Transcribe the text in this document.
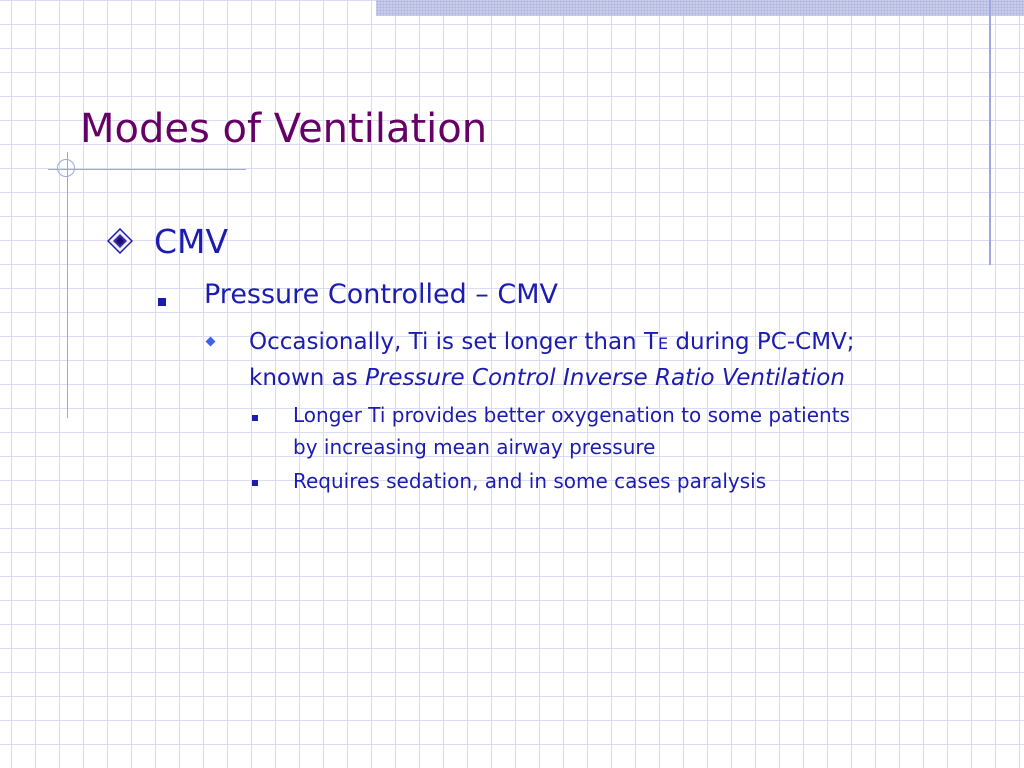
Modes of Ventilation
CMV
Pressure Controlled – CMV
Occasionally, Ti is set longer than TE during PC-CMV;
known as Pressure Control Inverse Ratio Ventilation
Longer Ti provides better oxygenation to some patients
by increasing mean airway pressure
Requires sedation, and in some cases paralysis
